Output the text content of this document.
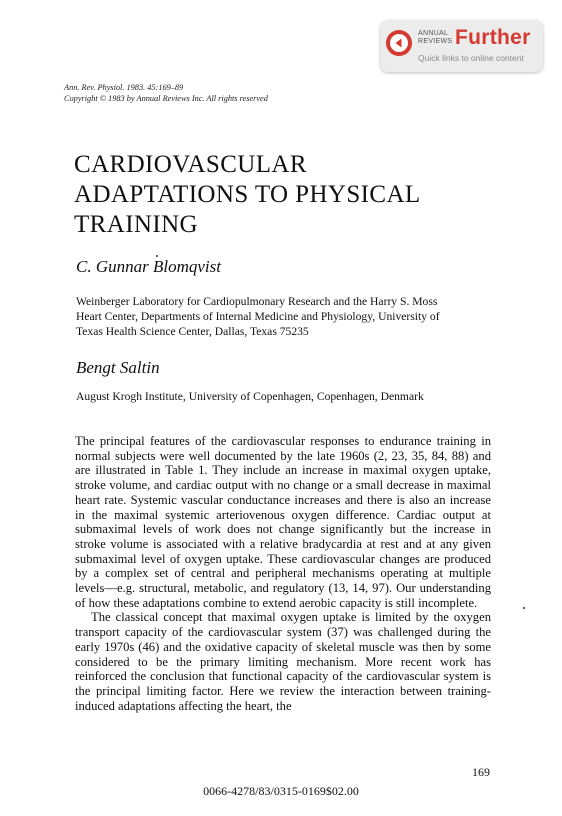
ANNUAL
REVIEWS Further
Quick links to online content
Ann. Rev. Physiol. 1983. 45:169–89
Copyright © 1983 by Annual Reviews Inc. All rights reserved
CARDIOVASCULAR
ADAPTATIONS TO PHYSICAL
TRAINING
C. Gunnar Blomqvist
Weinberger Laboratory for Cardiopulmonary Research and the Harry S. Moss
Heart Center, Departments of Internal Medicine and Physiology, University of
Texas Health Science Center, Dallas, Texas 75235
Bengt Saltin
August Krogh Institute, University of Copenhagen, Copenhagen, Denmark

The principal features of the cardiovascular responses to endurance training in normal subjects were well documented by the late 1960s (2, 23, 35, 84, 88) and are illustrated in Table 1. They include an increase in maximal oxygen uptake, stroke volume, and cardiac output with no change or a small decrease in maximal heart rate. Systemic vascular conductance increases and there is also an increase in the maximal systemic arteriovenous oxygen difference. Cardiac output at submaximal levels of work does not change significantly but the increase in stroke volume is associated with a relative bradycardia at rest and at any given submaximal level of oxygen uptake. These cardiovascular changes are produced by a complex set of central and peripheral mechanisms operating at multiple levels—e.g. structural, metabolic, and regulatory (13, 14, 97). Our understanding of how these adaptations combine to extend aerobic capacity is still incomplete.

The classical concept that maximal oxygen uptake is limited by the oxygen transport capacity of the cardiovascular system (37) was challenged during the early 1970s (46) and the oxidative capacity of skeletal muscle was then by some considered to be the primary limiting mechanism. More recent work has reinforced the conclusion that functional capacity of the cardiovascular system is the principal limiting factor. Here we review the interaction between training-induced adaptations affecting the heart, the

169
0066-4278/83/0315-0169$02.00
